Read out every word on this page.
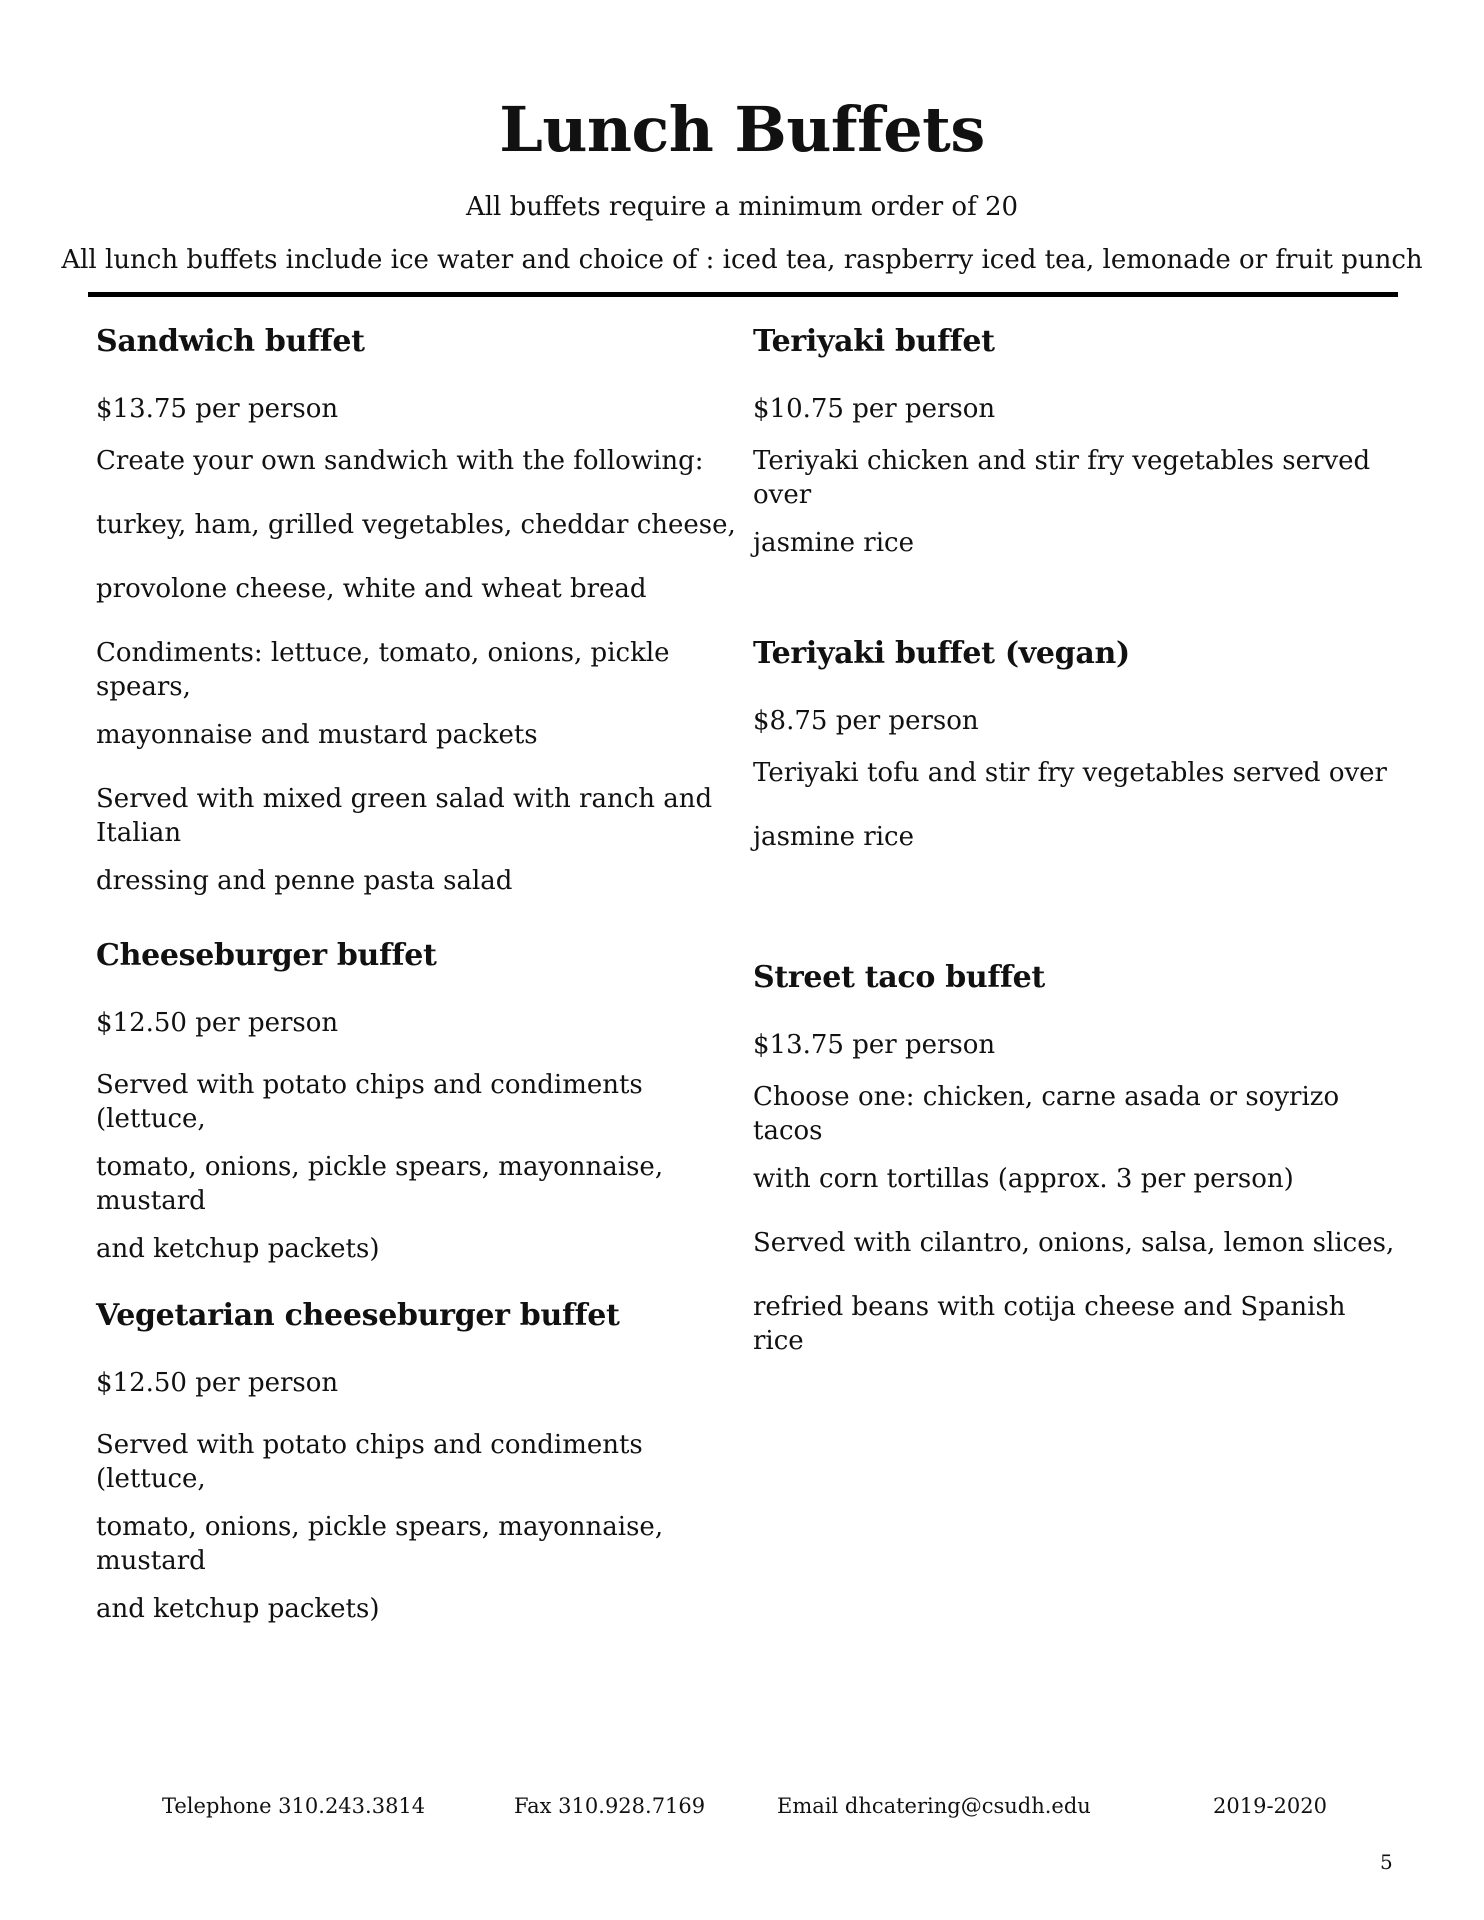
Lunch Buffets
All buffets require a minimum order of 20
All lunch buffets include ice water and choice of : iced tea, raspberry iced tea, lemonade or fruit punch
Sandwich buffet
$13.75 per person
Create your own sandwich with the following:
turkey, ham, grilled vegetables, cheddar cheese,
provolone cheese, white and wheat bread
Condiments: lettuce, tomato, onions, pickle spears,
mayonnaise and mustard packets
Served with mixed green salad with ranch and Italian
dressing and penne pasta salad
Cheeseburger buffet
$12.50 per person
Served with potato chips and condiments (lettuce,
tomato, onions, pickle spears, mayonnaise, mustard
and ketchup packets)
Vegetarian cheeseburger buffet
$12.50 per person
Served with potato chips and condiments (lettuce,
tomato, onions, pickle spears, mayonnaise, mustard
and ketchup packets)
Teriyaki buffet
$10.75 per person
Teriyaki chicken and stir fry vegetables served over
jasmine rice
Teriyaki buffet (vegan)
$8.75 per person
Teriyaki tofu and stir fry vegetables served over
jasmine rice
Street taco buffet
$13.75 per person
Choose one: chicken, carne asada or soyrizo tacos
with corn tortillas (approx. 3 per person)
Served with cilantro, onions, salsa, lemon slices,
refried beans with cotija cheese and Spanish rice
Telephone 310.243.3814	Fax 310.928.7169	Email dhcatering@csudh.edu	2019-2020
5
